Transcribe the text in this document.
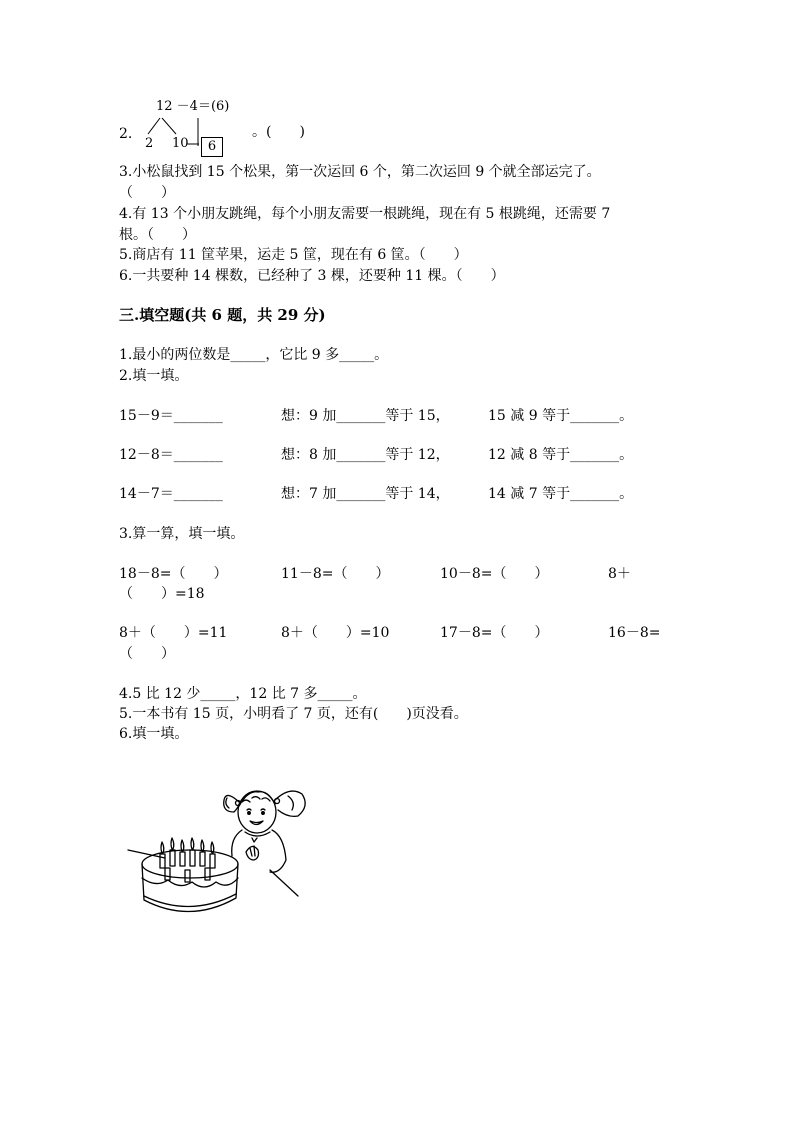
12 －4＝(6)
2.
2 10	6
。(　　)
3.小松鼠找到 15 个松果，第一次运回 6 个，第二次运回 9 个就全部运完了。
（　　）
4.有 13 个小朋友跳绳，每个小朋友需要一根跳绳，现在有 5 根跳绳，还需要 7
根。（　　）
5.商店有 11 筐苹果，运走 5 筐，现在有 6 筐。（　　）
6.一共要种 14 棵数，已经种了 3 棵，还要种 11 棵。（　　）
三.填空题(共 6 题，共 29 分)
1.最小的两位数是_____，它比 9 多_____。
2.填一填。
15－9＝_______	想：9 加_______等于 15，	15 减 9 等于_______。
12－8＝_______	想：8 加_______等于 12，	12 减 8 等于_______。
14－7＝_______	想：7 加_______等于 14，	14 减 7 等于_______。
3.算一算，填一填。
18－8=（　　）	11－8=（　　）	10－8=（　　）	8＋
（　　）=18
8＋（　　）=11	8＋（　　）=10	17－8=（　　）	16－8=
（　　）
4.5 比 12 少_____，12 比 7 多_____。
5.一本书有 15 页，小明看了 7 页，还有(　　)页没看。
6.填一填。
